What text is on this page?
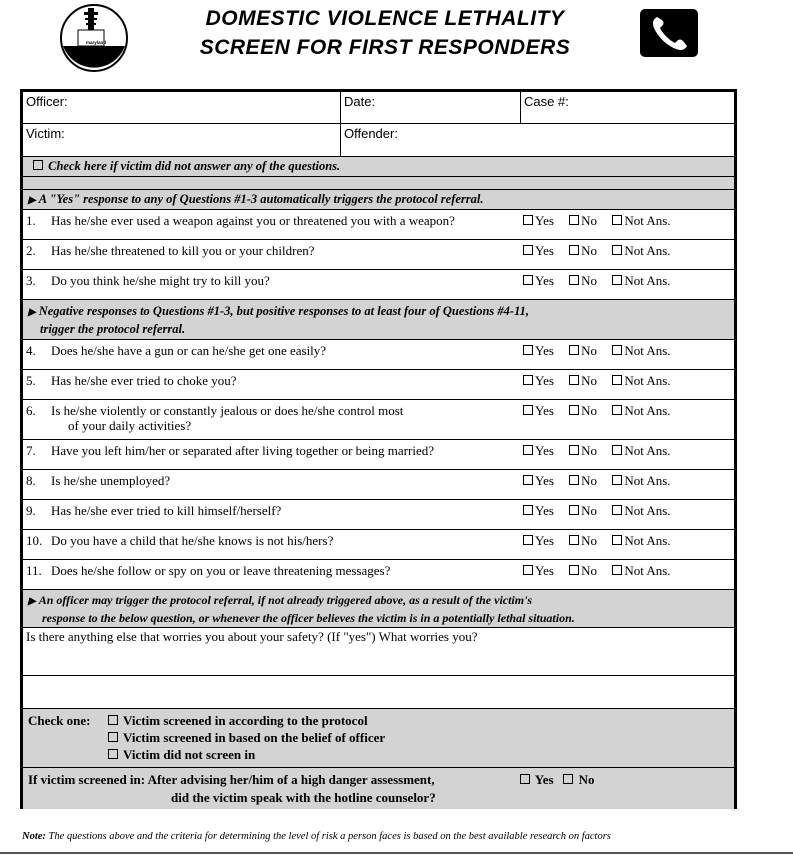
maryland
network
against
domestic
violence
DOMESTIC VIOLENCE LETHALITY
SCREEN FOR FIRST RESPONDERS
Officer:	Date:	Case #:
Victim:	Offender:
Check here if victim did not answer any of the questions.
▶ A "Yes" response to any of Questions #1-3 automatically triggers the protocol referral.
1. Has he/she ever used a weapon against you or threatened you with a weapon?	Yes No Not Ans.
2. Has he/she threatened to kill you or your children?	Yes No Not Ans.
3. Do you think he/she might try to kill you?	Yes No Not Ans.
▶ Negative responses to Questions #1-3, but positive responses to at least four of Questions #4-11,
trigger the protocol referral.
4. Does he/she have a gun or can he/she get one easily?	Yes No Not Ans.
5. Has he/she ever tried to choke you?	Yes No Not Ans.
6. Is he/she violently or constantly jealous or does he/she control most
of your daily activities?
Yes No Not Ans.
7. Have you left him/her or separated after living together or being married?	Yes No Not Ans.
8. Is he/she unemployed?	Yes No Not Ans.
9. Has he/she ever tried to kill himself/herself?	Yes No Not Ans.
10. Do you have a child that he/she knows is not his/hers?	Yes No Not Ans.
11. Does he/she follow or spy on you or leave threatening messages?	Yes No Not Ans.
▶ An officer may trigger the protocol referral, if not already triggered above, as a result of the victim's
response to the below question, or whenever the officer believes the victim is in a potentially lethal situation.
Is there anything else that worries you about your safety? (If "yes") What worries you?
Check one:	Victim screened in according to the protocol
Victim screened in based on the belief of officer
Victim did not screen in
If victim screened in: After advising her/him of a high danger assessment,
did the victim speak with the hotline counselor?
Yes No
Note: The questions above and the criteria for determining the level of risk a person faces is based on the best available research on factors
